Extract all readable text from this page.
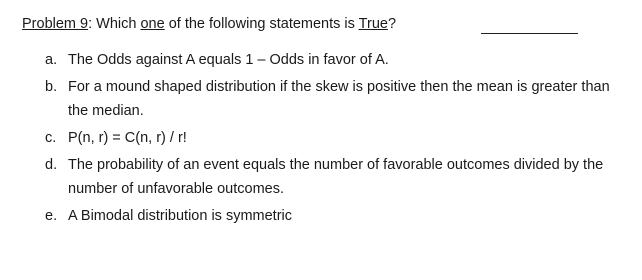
Problem 9: Which one of the following statements is True?
a. The Odds against A equals 1 – Odds in favor of A.
b. For a mound shaped distribution if the skew is positive then the mean is greater than the median.
c. P(n, r) = C(n, r) / r!
d. The probability of an event equals the number of favorable outcomes divided by the number of unfavorable outcomes.
e. A Bimodal distribution is symmetric
